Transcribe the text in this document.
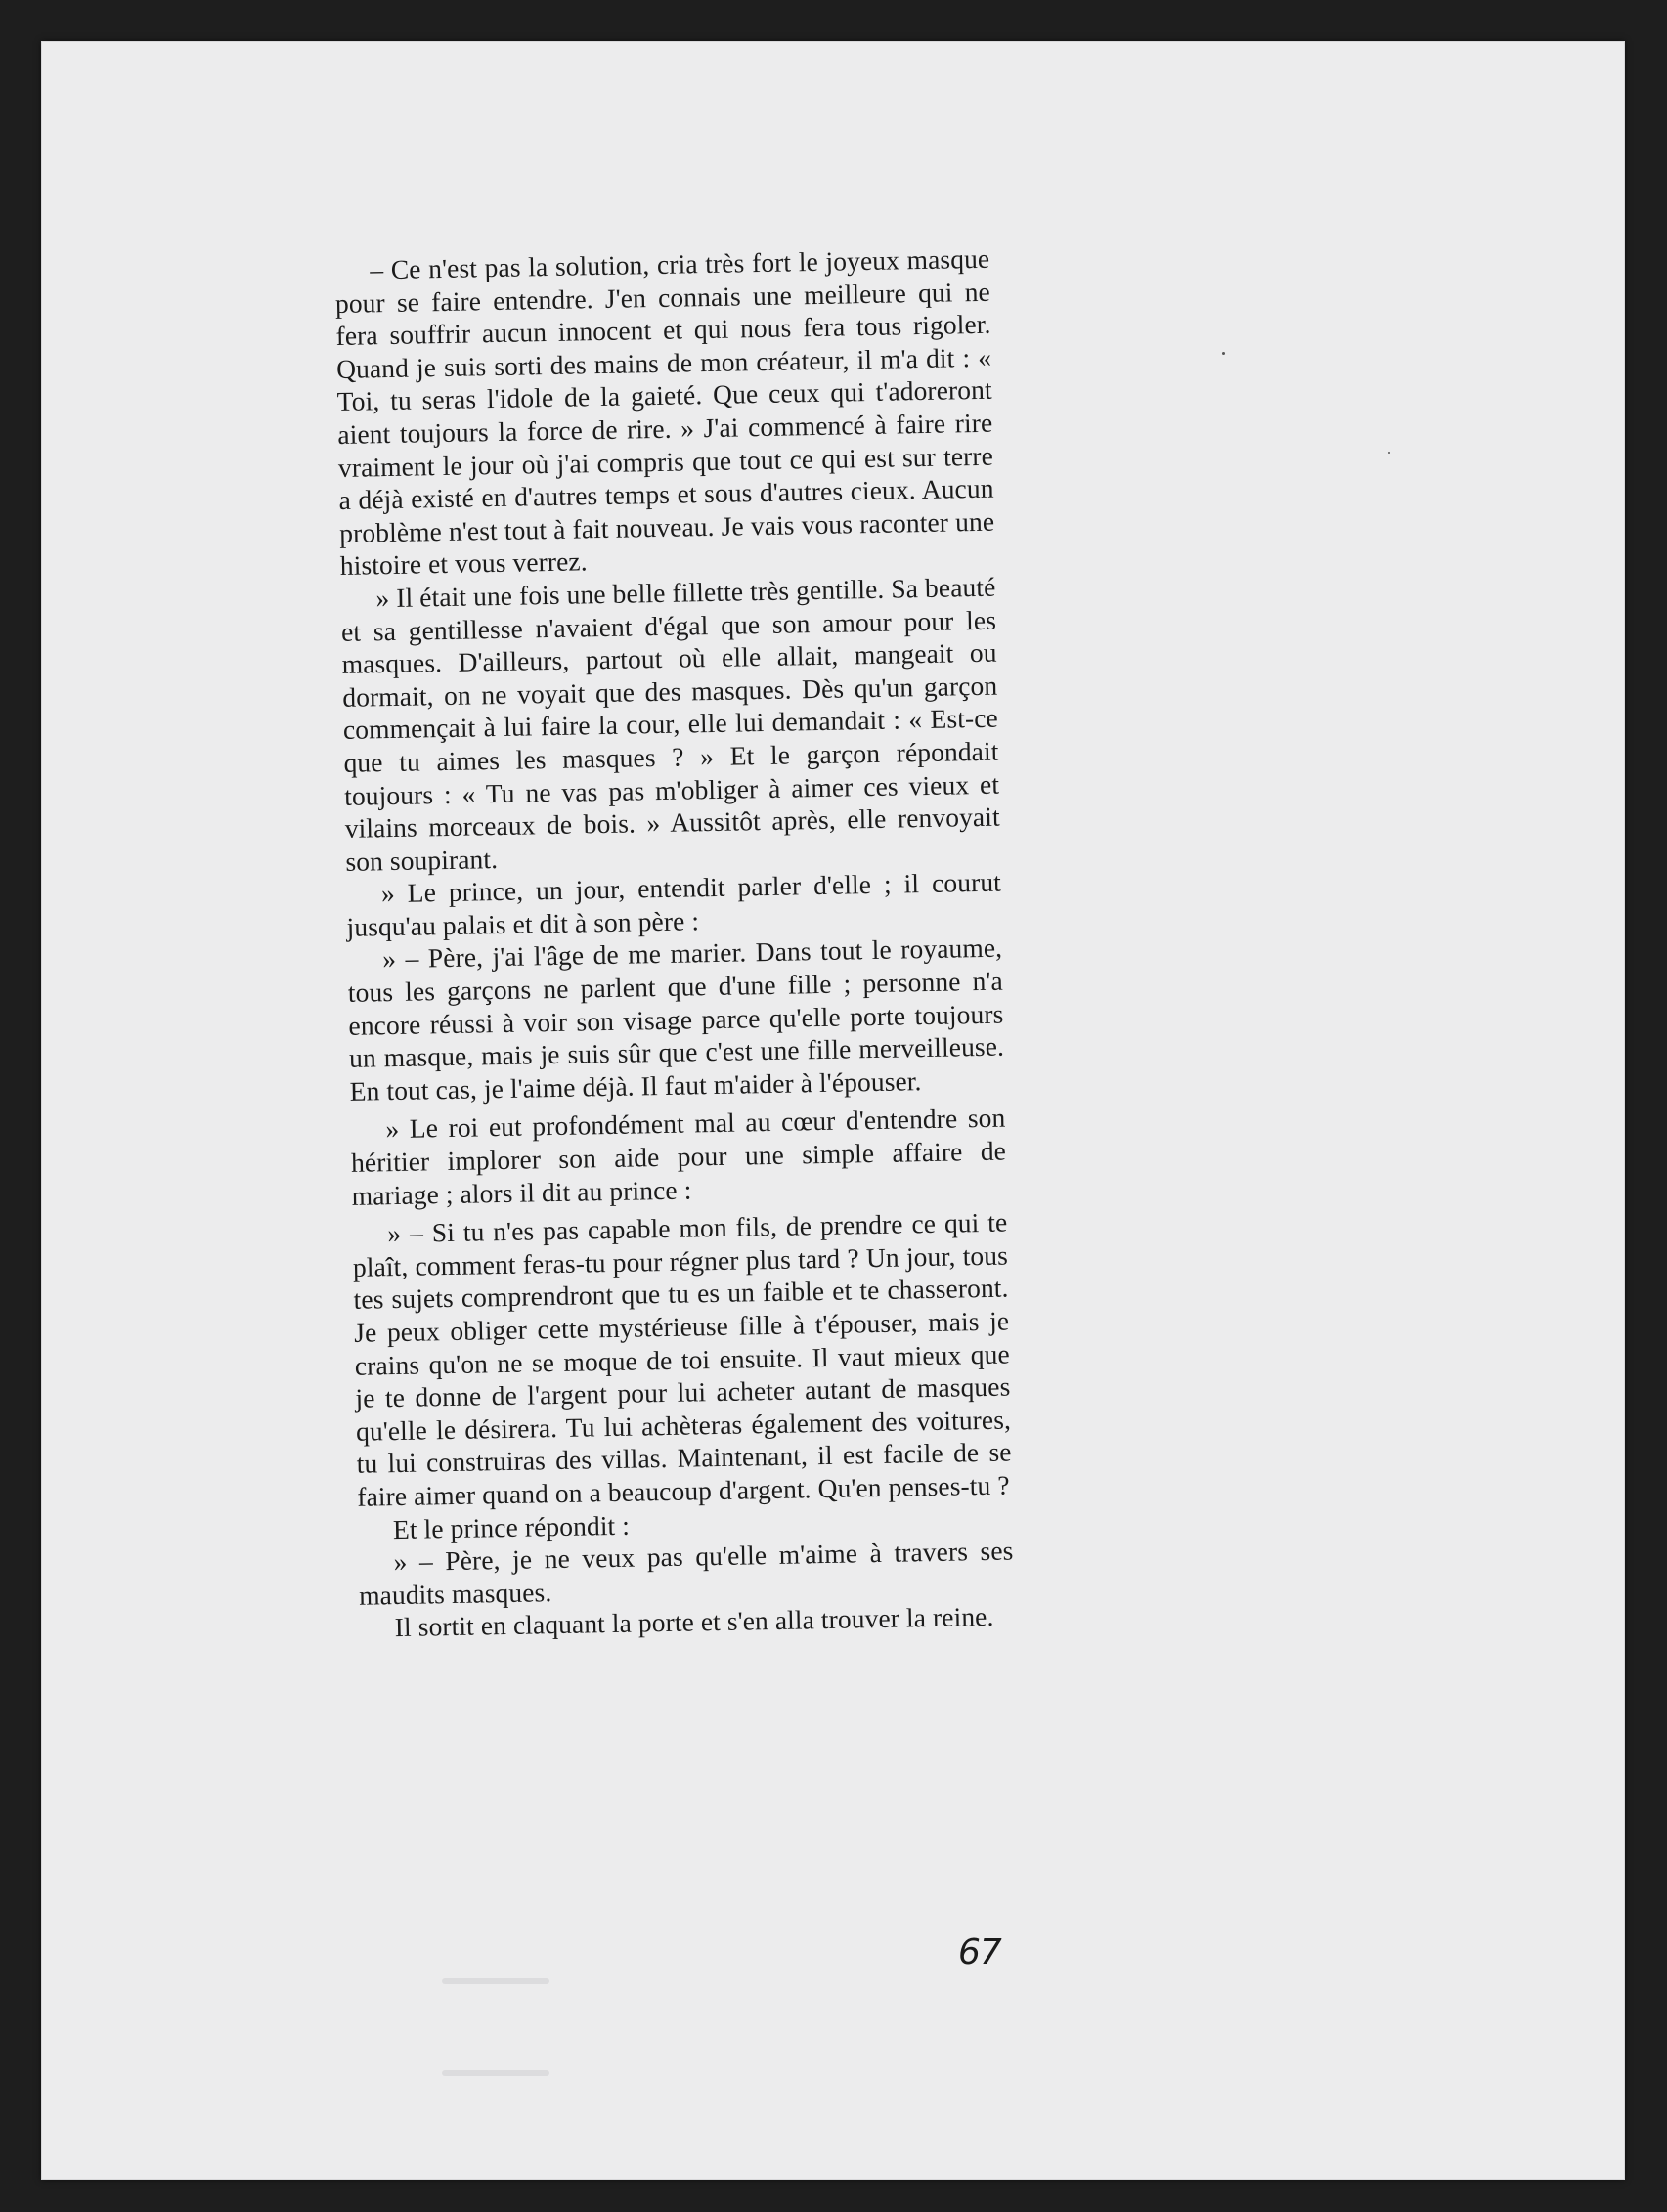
– Ce n'est pas la solution, cria très fort le joyeux masque pour se faire entendre. J'en connais une meilleure qui ne fera souffrir aucun innocent et qui nous fera tous rigoler. Quand je suis sorti des mains de mon créateur, il m'a dit : « Toi, tu seras l'idole de la gaieté. Que ceux qui t'adoreront aient toujours la force de rire. » J'ai commencé à faire rire vraiment le jour où j'ai compris que tout ce qui est sur terre a déjà existé en d'autres temps et sous d'autres cieux. Aucun problème n'est tout à fait nouveau. Je vais vous raconter une histoire et vous verrez.

» Il était une fois une belle fillette très gentille. Sa beauté et sa gentillesse n'avaient d'égal que son amour pour les masques. D'ailleurs, partout où elle allait, mangeait ou dormait, on ne voyait que des masques. Dès qu'un garçon commençait à lui faire la cour, elle lui demandait : « Est-ce que tu aimes les masques ? » Et le garçon répondait toujours : « Tu ne vas pas m'obliger à aimer ces vieux et vilains morceaux de bois. » Aussitôt après, elle renvoyait son soupirant.

» Le prince, un jour, entendit parler d'elle ; il courut jusqu'au palais et dit à son père :

» – Père, j'ai l'âge de me marier. Dans tout le royaume, tous les garçons ne parlent que d'une fille ; personne n'a encore réussi à voir son visage parce qu'elle porte toujours un masque, mais je suis sûr que c'est une fille merveilleuse. En tout cas, je l'aime déjà. Il faut m'aider à l'épouser.

» Le roi eut profondément mal au cœur d'entendre son héritier implorer son aide pour une simple affaire de mariage ; alors il dit au prince :

» – Si tu n'es pas capable mon fils, de prendre ce qui te plaît, comment feras-tu pour régner plus tard ? Un jour, tous tes sujets comprendront que tu es un faible et te chasseront. Je peux obliger cette mystérieuse fille à t'épouser, mais je crains qu'on ne se moque de toi ensuite. Il vaut mieux que je te donne de l'argent pour lui acheter autant de masques qu'elle le désirera. Tu lui achèteras également des voitures, tu lui construiras des villas. Maintenant, il est facile de se faire aimer quand on a beaucoup d'argent. Qu'en penses-tu ?

Et le prince répondit :

» – Père, je ne veux pas qu'elle m'aime à travers ses maudits masques.

Il sortit en claquant la porte et s'en alla trouver la reine.

67
